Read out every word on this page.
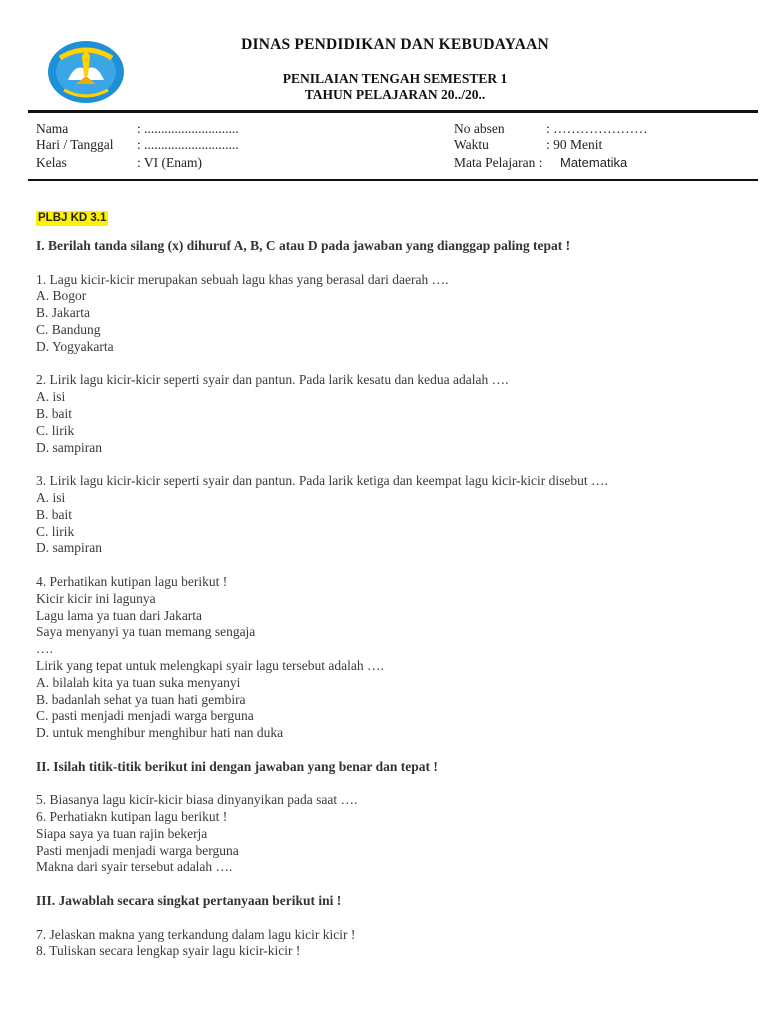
DINAS PENDIDIKAN DAN KEBUDAYAAN
PENILAIAN TENGAH SEMESTER 1
TAHUN PELAJARAN 20../20..
Nama	: ............................
Hari / Tanggal : ............................
Kelas	: VI (Enam)
No absen	: …………………
Waktu	: 90 Menit
Mata Pelajaran : Matematika
PLBJ KD 3.1
I. Berilah tanda silang (x) dihuruf A, B, C atau D pada jawaban yang dianggap paling tepat !
1. Lagu kicir-kicir merupakan sebuah lagu khas yang berasal dari daerah ….
A. Bogor
B. Jakarta
C. Bandung
D. Yogyakarta
2. Lirik lagu kicir-kicir seperti syair dan pantun. Pada larik kesatu dan kedua adalah ….
A. isi
B. bait
C. lirik
D. sampiran
3. Lirik lagu kicir-kicir seperti syair dan pantun. Pada larik ketiga dan keempat lagu kicir-kicir disebut ….
A. isi
B. bait
C. lirik
D. sampiran
4. Perhatikan kutipan lagu berikut !
Kicir kicir ini lagunya
Lagu lama ya tuan dari Jakarta
Saya menyanyi ya tuan memang sengaja
….
Lirik yang tepat untuk melengkapi syair lagu tersebut adalah ….
A. bilalah kita ya tuan suka menyanyi
B. badanlah sehat ya tuan hati gembira
C. pasti menjadi menjadi warga berguna
D. untuk menghibur menghibur hati nan duka
II. Isilah titik-titik berikut ini dengan jawaban yang benar dan tepat !
5. Biasanya lagu kicir-kicir biasa dinyanyikan pada saat ….
6. Perhatiakn kutipan lagu berikut !
Siapa saya ya tuan rajin bekerja
Pasti menjadi menjadi warga berguna
Makna dari syair tersebut adalah ….
III. Jawablah secara singkat pertanyaan berikut ini !
7. Jelaskan makna yang terkandung dalam lagu kicir kicir !
8. Tuliskan secara lengkap syair lagu kicir-kicir !
